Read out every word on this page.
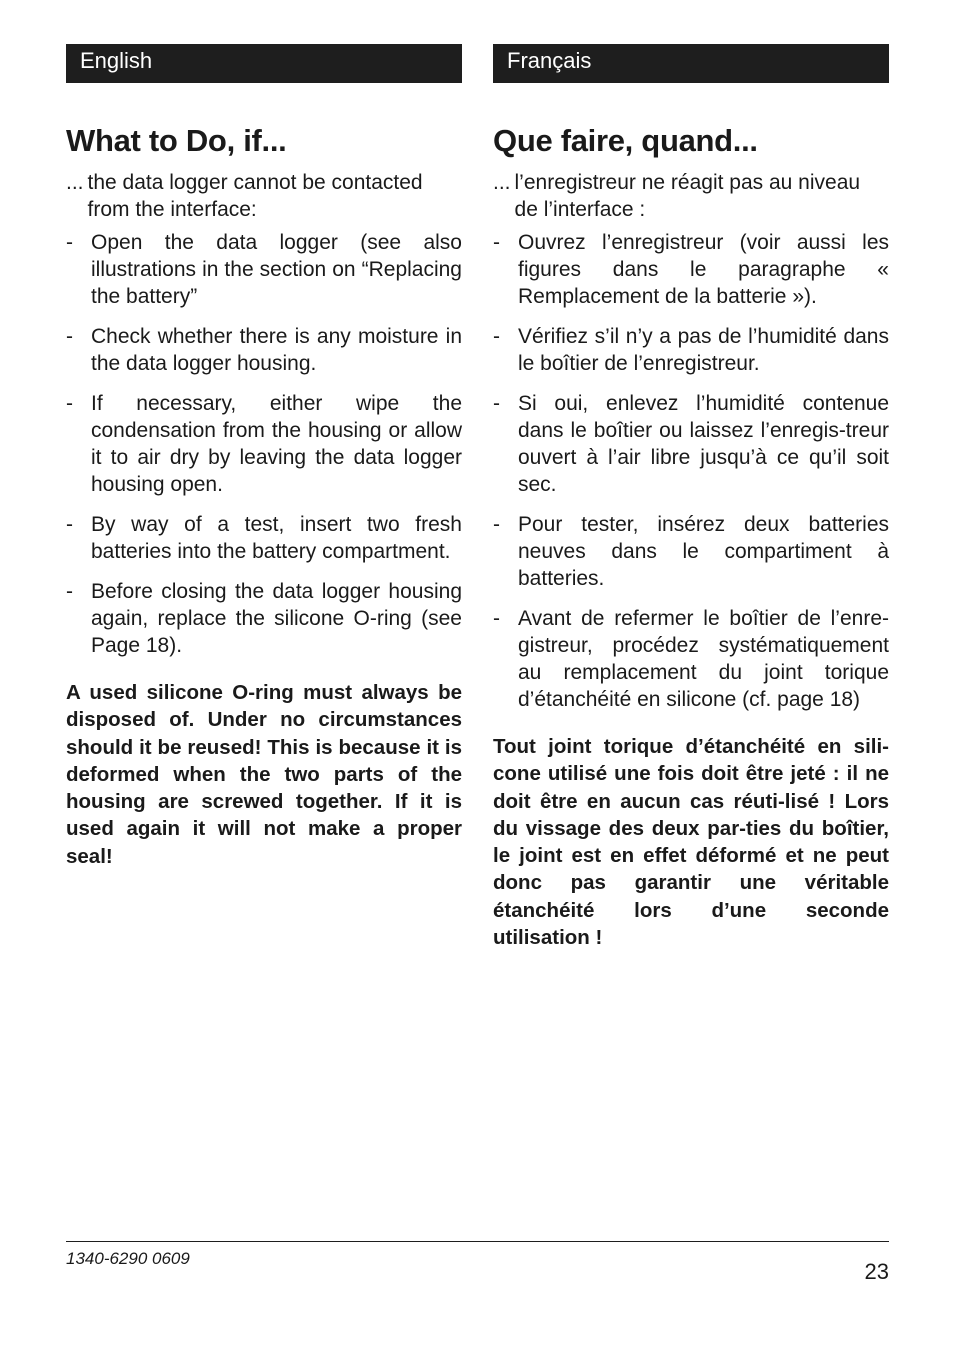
English
What to Do, if...
... the data logger cannot be contacted from the interface:
- Open the data logger (see also illustrations in the section on “Replacing the battery”
- Check whether there is any moisture in the data logger housing.
- If necessary, either wipe the condensation from the housing or allow it to air dry by leaving the data logger housing open.
- By way of a test, insert two fresh batteries into the battery compartment.
- Before closing the data logger housing again, replace the silicone O-ring (see Page 18).

A used silicone O-ring must always be disposed of. Under no circumstances should it be reused! This is because it is deformed when the two parts of the housing are screwed together. If it is used again it will not make a proper seal!

Français
Que faire, quand...
... l’enregistreur ne réagit pas au niveau de l’interface :
- Ouvrez l’enregistreur (voir aussi les figures dans le paragraphe « Remplacement de la batterie »).
- Vérifiez s’il n’y a pas de l’humidité dans le boîtier de l’enregistreur.
- Si oui, enlevez l’humidité contenue dans le boîtier ou laissez l’enregis-treur ouvert à l’air libre jusqu’à ce qu’il soit sec.
- Pour tester, insérez deux batteries neuves dans le compartiment à batteries.
- Avant de refermer le boîtier de l’enre-gistreur, procédez systématiquement au remplacement du joint torique d’étanchéité en silicone (cf. page 18)

Tout joint torique d’étanchéité en sili-cone utilisé une fois doit être jeté : il ne doit être en aucun cas réuti-lisé ! Lors du vissage des deux par-ties du boîtier, le joint est en effet déformé et ne peut donc pas garantir une véritable étanchéité lors d’une seconde utilisation !

1340-6290 0609
23
